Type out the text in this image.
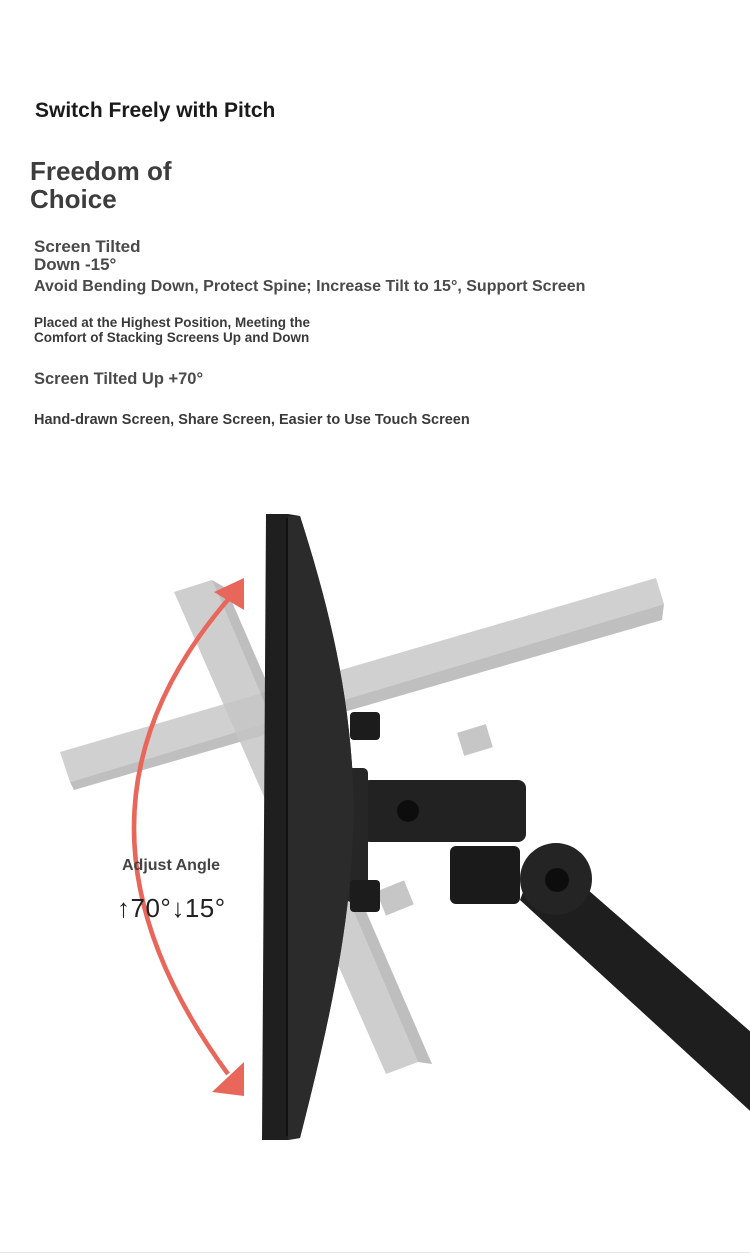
Switch Freely with Pitch
Freedom of
Choice
Screen Tilted
Down -15°
Avoid Bending Down, Protect Spine; Increase Tilt to 15°, Support Screen
Placed at the Highest Position, Meeting the
Comfort of Stacking Screens Up and Down
Screen Tilted Up +70°
Hand-drawn Screen, Share Screen, Easier to Use Touch Screen
Adjust Angle
↑70°↓15°
